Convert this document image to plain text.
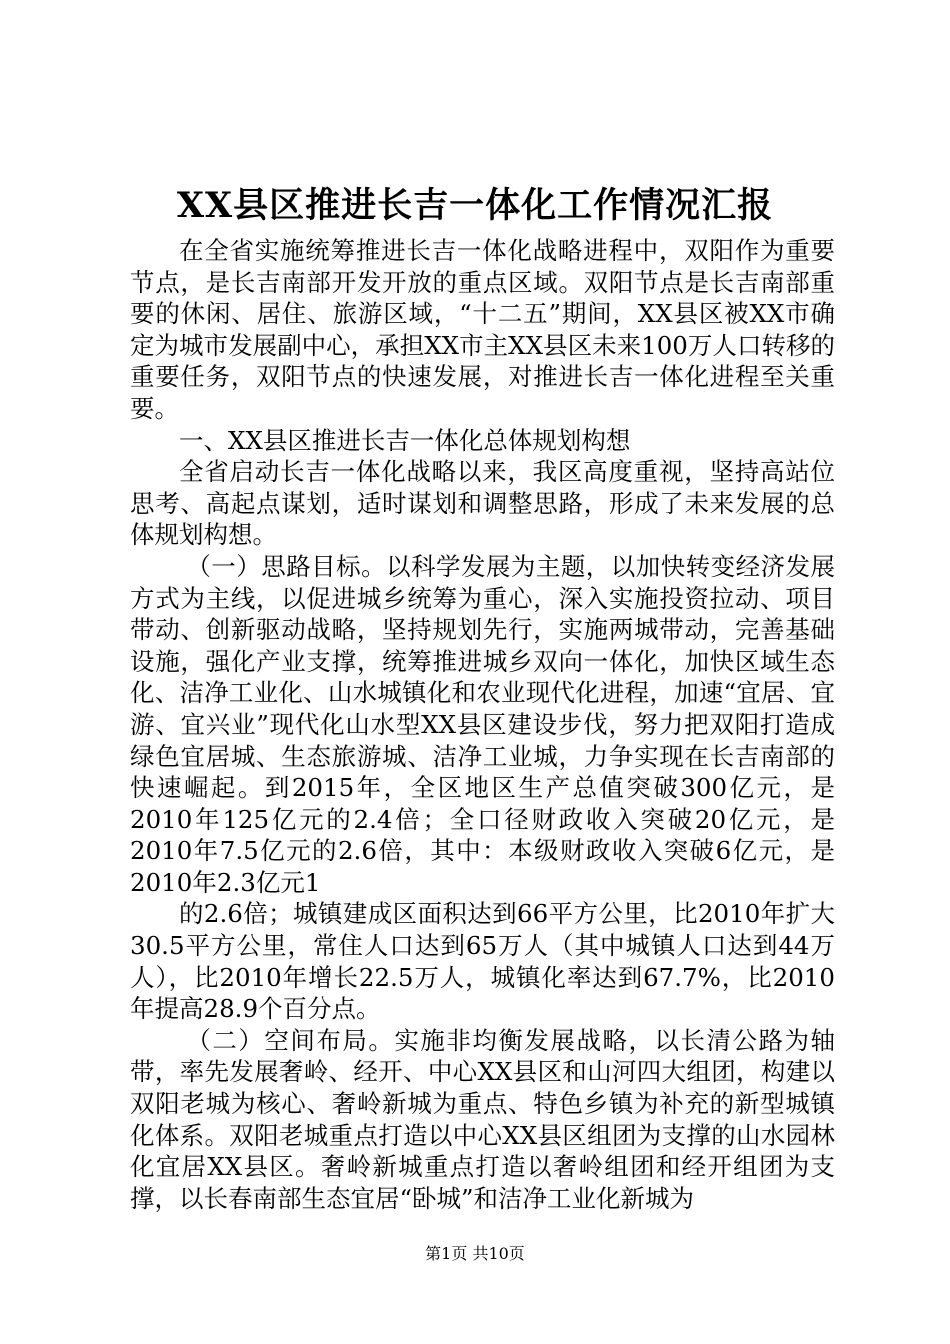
XX县区推进长吉一体化工作情况汇报

在全省实施统筹推进长吉一体化战略进程中，双阳作为重要节点，是长吉南部开发开放的重点区域。双阳节点是长吉南部重要的休闲、居住、旅游区域，“十二五”期间，XX县区被XX市确定为城市发展副中心，承担XX市主XX县区未来100万人口转移的重要任务，双阳节点的快速发展，对推进长吉一体化进程至关重要。

一、XX县区推进长吉一体化总体规划构想

全省启动长吉一体化战略以来，我区高度重视，坚持高站位思考、高起点谋划，适时谋划和调整思路，形成了未来发展的总体规划构想。

（一）思路目标。以科学发展为主题，以加快转变经济发展方式为主线，以促进城乡统筹为重心，深入实施投资拉动、项目带动、创新驱动战略，坚持规划先行，实施两城带动，完善基础设施，强化产业支撑，统筹推进城乡双向一体化，加快区域生态化、洁净工业化、山水城镇化和农业现代化进程，加速“宜居、宜游、宜兴业”现代化山水型XX县区建设步伐，努力把双阳打造成绿色宜居城、生态旅游城、洁净工业城，力争实现在长吉南部的快速崛起。到2015年，全区地区生产总值突破300亿元，是2010年125亿元的2.4倍；全口径财政收入突破20亿元，是2010年7.5亿元的2.6倍，其中：本级财政收入突破6亿元，是2010年2.3亿元1

的2.6倍；城镇建成区面积达到66平方公里，比2010年扩大30.5平方公里，常住人口达到65万人（其中城镇人口达到44万人），比2010年增长22.5万人，城镇化率达到67.7%，比2010年提高28.9个百分点。

（二）空间布局。实施非均衡发展战略，以长清公路为轴带，率先发展奢岭、经开、中心XX县区和山河四大组团，构建以双阳老城为核心、奢岭新城为重点、特色乡镇为补充的新型城镇化体系。双阳老城重点打造以中心XX县区组团为支撑的山水园林化宜居XX县区。奢岭新城重点打造以奢岭组团和经开组团为支撑，以长春南部生态宜居“卧城”和洁净工业化新城为

第1页 共10页
